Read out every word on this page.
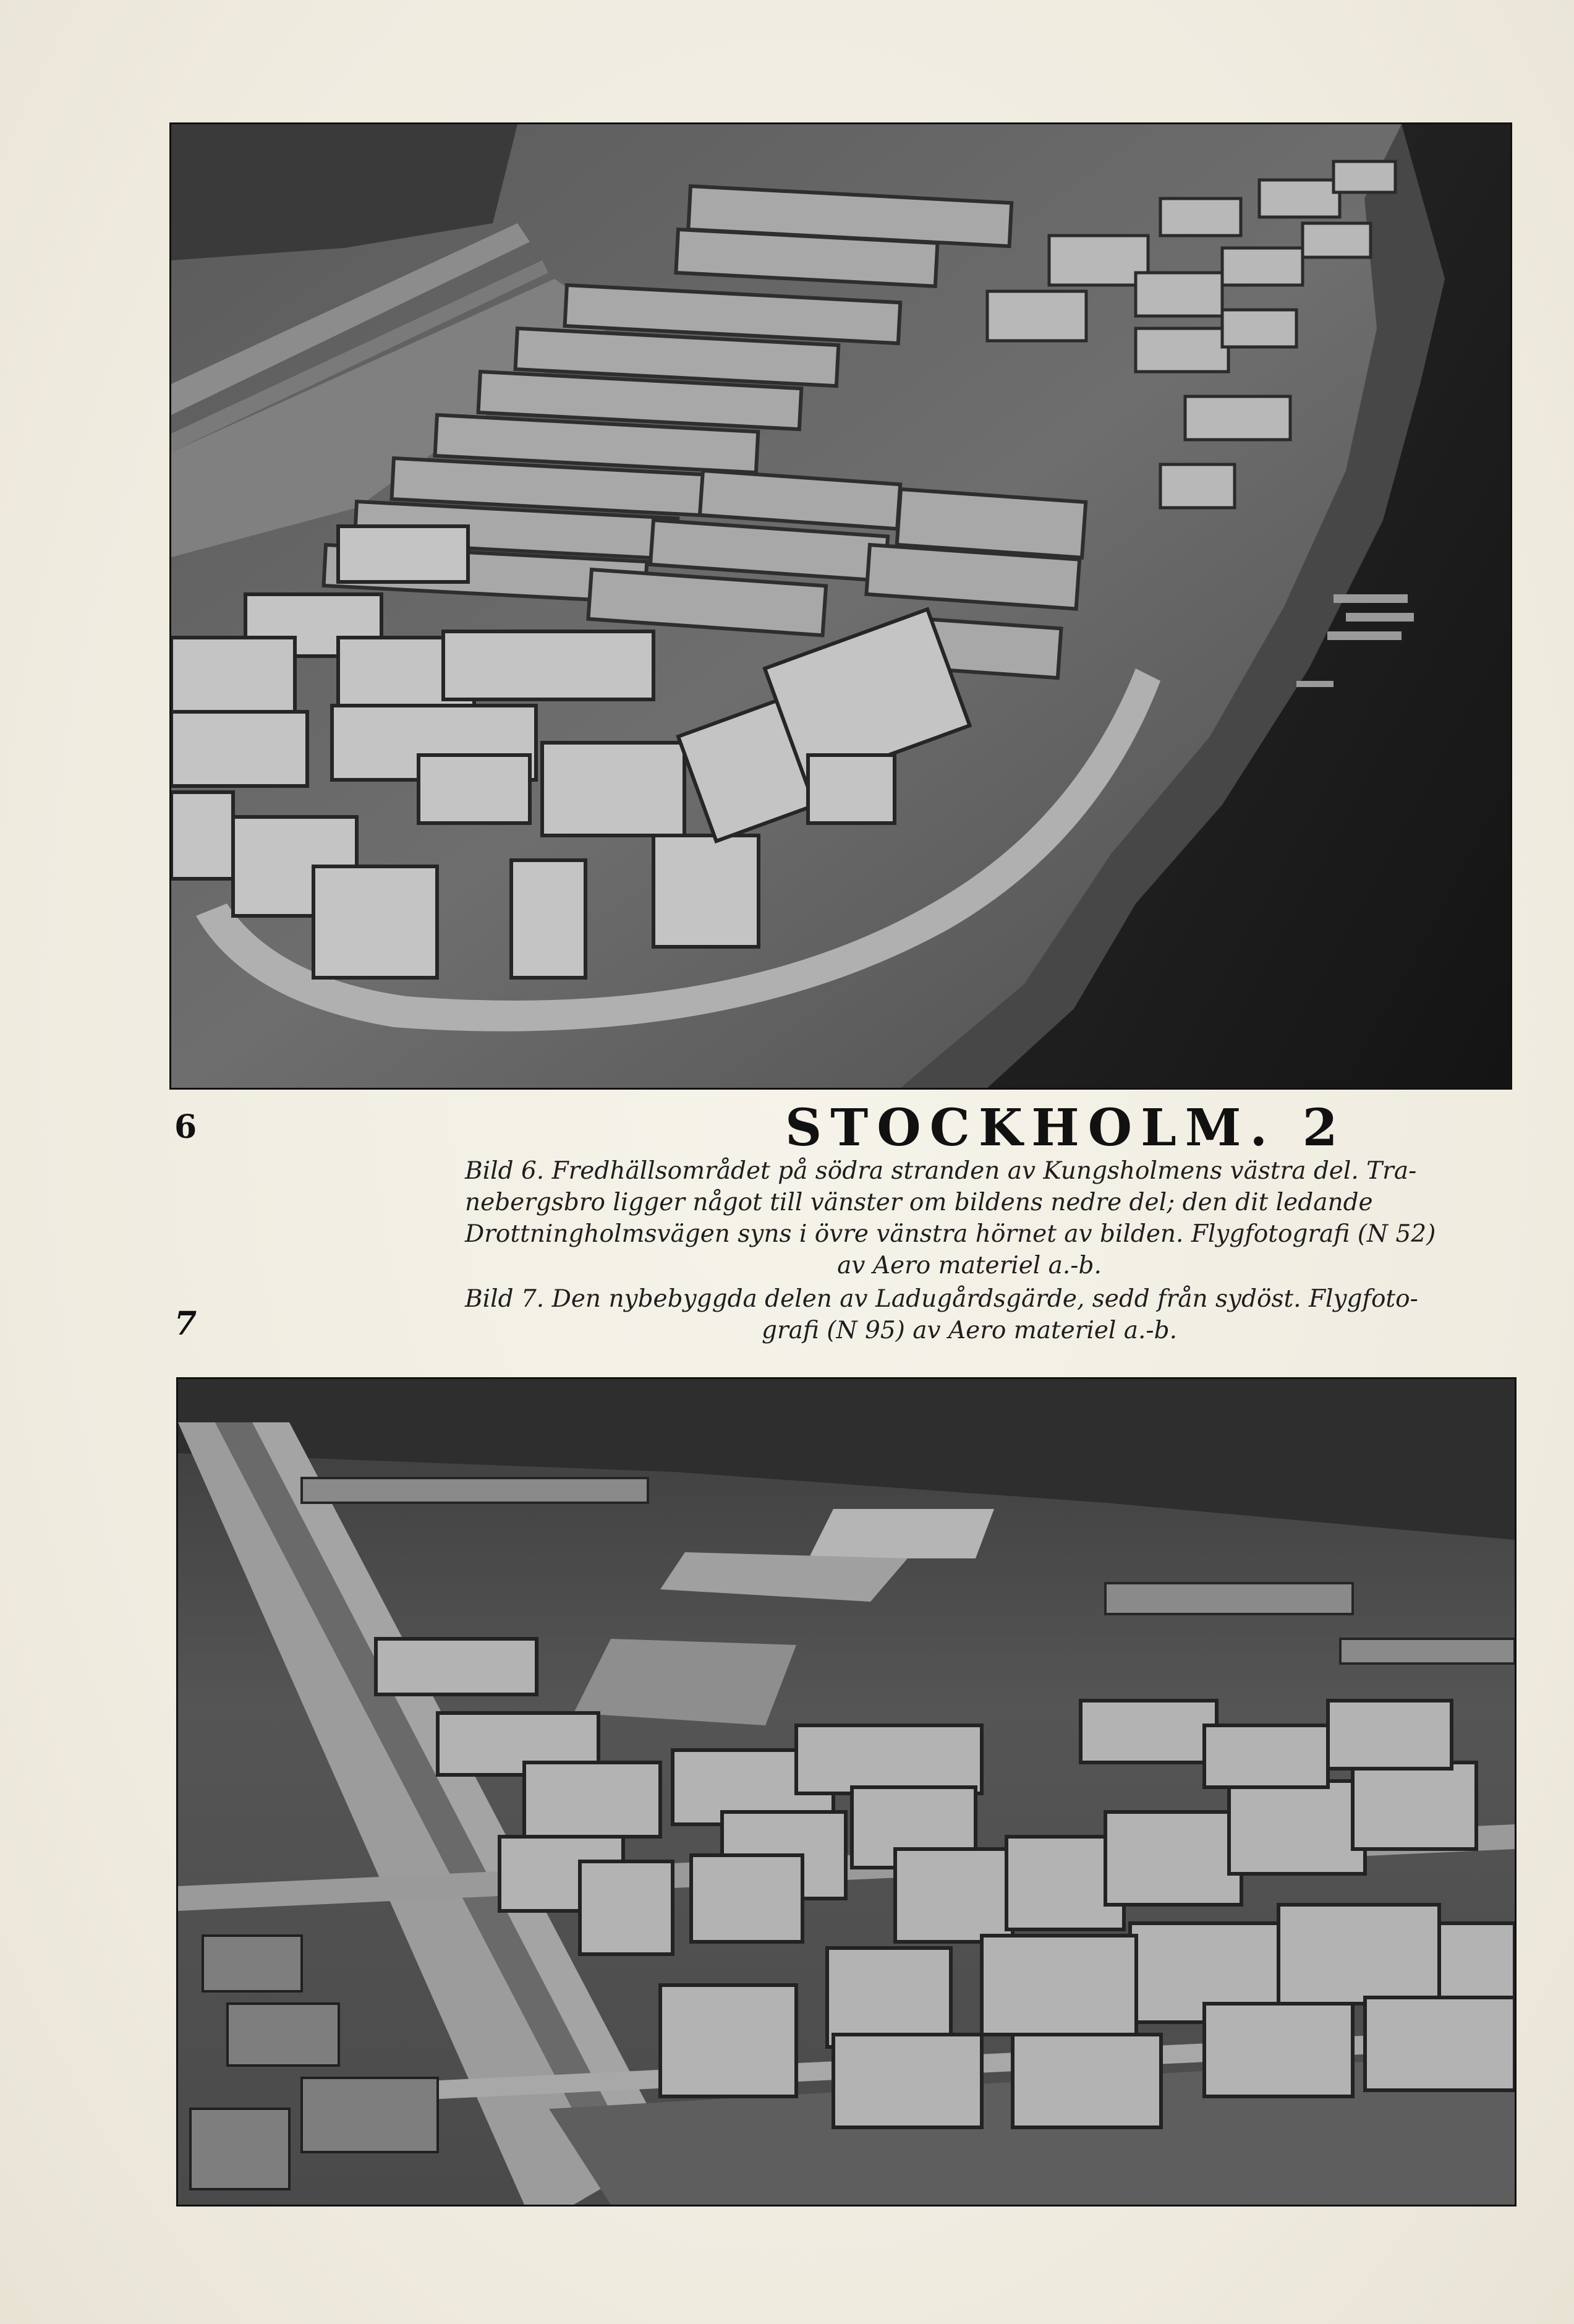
6	STOCKHOLM. 2
Bild 6. Fredhällsområdet på södra stranden av Kungsholmens västra del. Tra-
nebergsbro ligger något till vänster om bildens nedre del; den dit ledande
Drottningholmsvägen syns i övre vänstra hörnet av bilden. Flygfotografi (N 52)
av Aero materiel a.-b.
7
Bild 7. Den nybebyggda delen av Ladugårdsgärde, sedd från sydöst. Flygfoto-
grafi (N 95) av Aero materiel a.-b.
